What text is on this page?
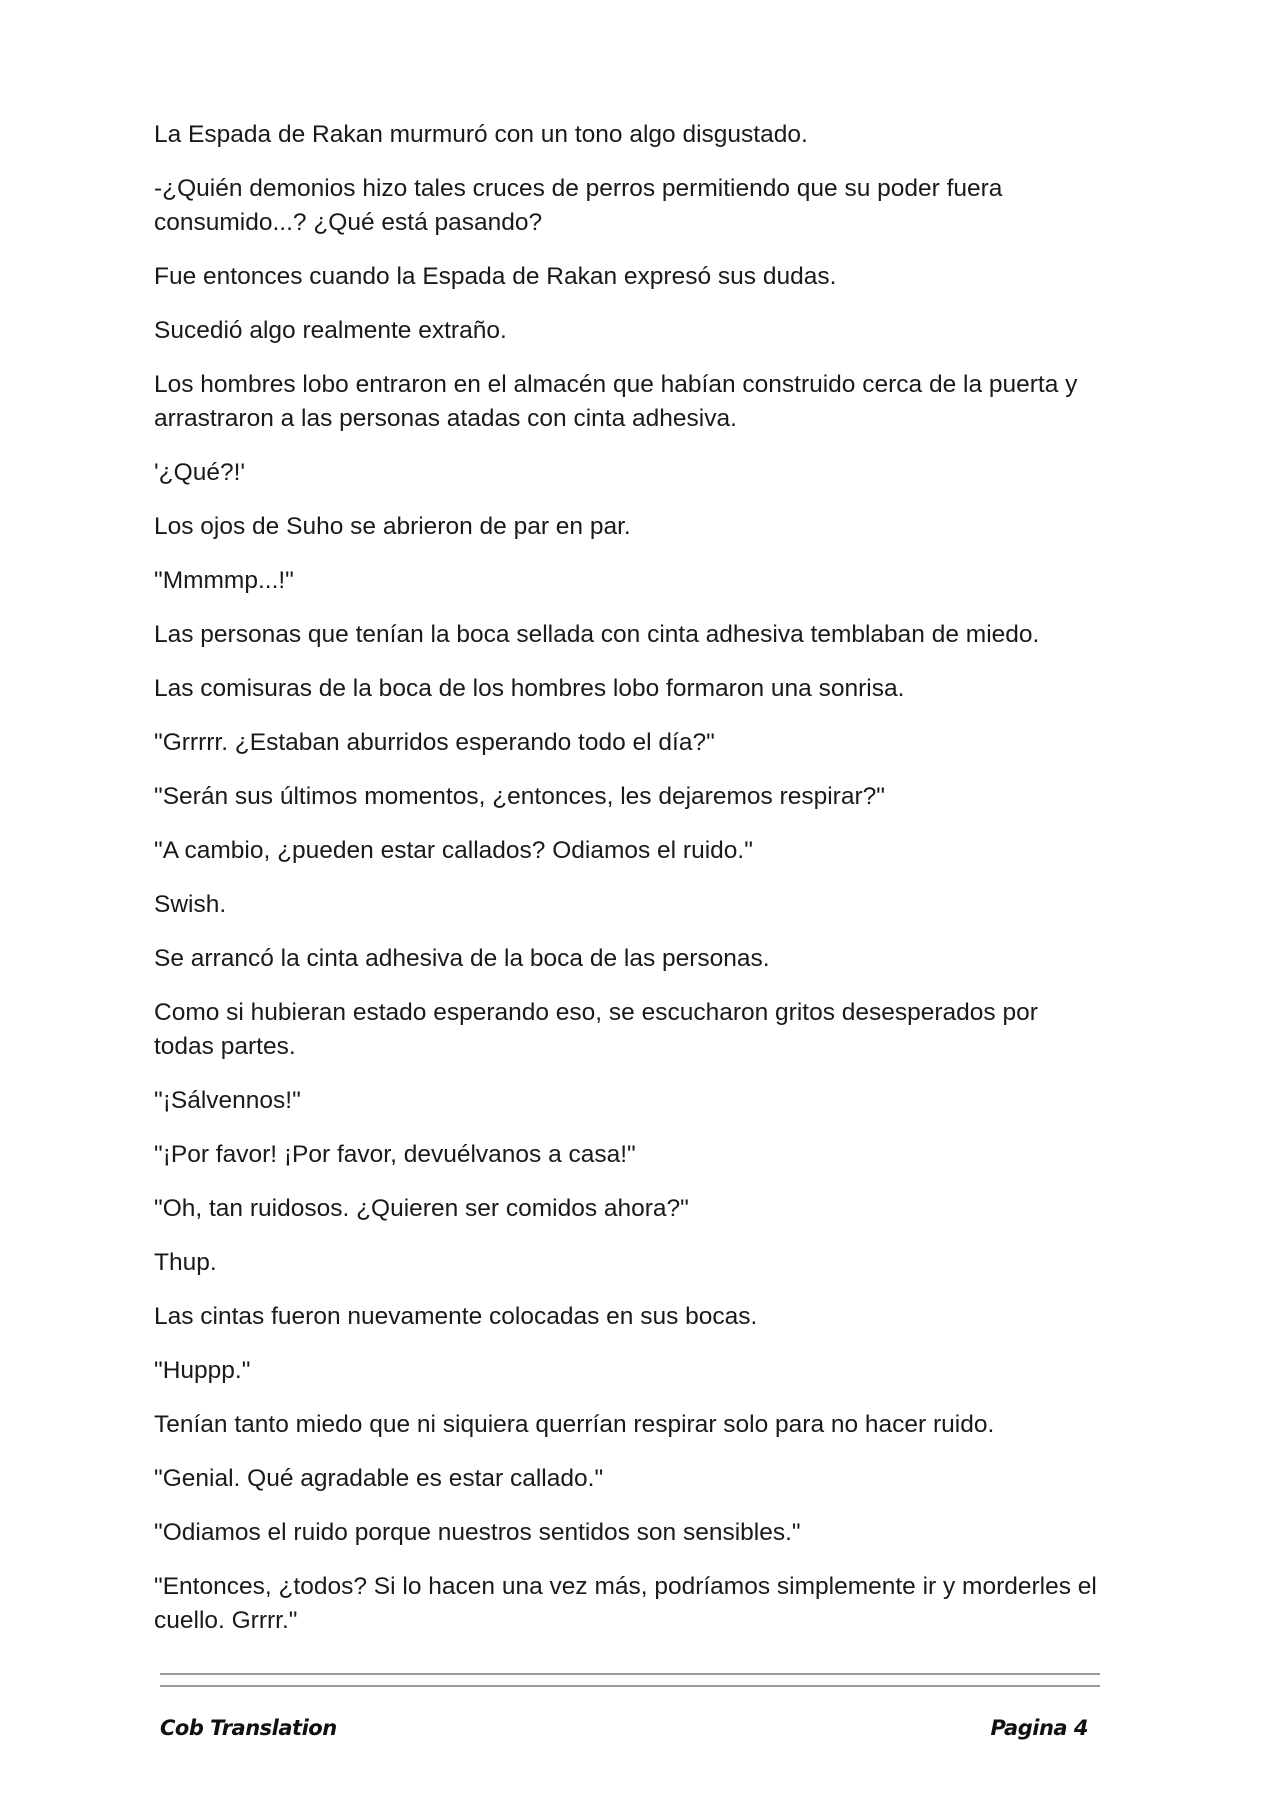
La Espada de Rakan murmuró con un tono algo disgustado.

-¿Quién demonios hizo tales cruces de perros permitiendo que su poder fuera consumido...? ¿Qué está pasando?

Fue entonces cuando la Espada de Rakan expresó sus dudas.

Sucedió algo realmente extraño.

Los hombres lobo entraron en el almacén que habían construido cerca de la puerta y arrastraron a las personas atadas con cinta adhesiva.

'¿Qué?!'

Los ojos de Suho se abrieron de par en par.

"Mmmmp...!"

Las personas que tenían la boca sellada con cinta adhesiva temblaban de miedo.

Las comisuras de la boca de los hombres lobo formaron una sonrisa.

"Grrrrr. ¿Estaban aburridos esperando todo el día?"

"Serán sus últimos momentos, ¿entonces, les dejaremos respirar?"

"A cambio, ¿pueden estar callados? Odiamos el ruido."

Swish.

Se arrancó la cinta adhesiva de la boca de las personas.

Como si hubieran estado esperando eso, se escucharon gritos desesperados por todas partes.

"¡Sálvennos!"

"¡Por favor! ¡Por favor, devuélvanos a casa!"

"Oh, tan ruidosos. ¿Quieren ser comidos ahora?"

Thup.

Las cintas fueron nuevamente colocadas en sus bocas.

"Huppp."

Tenían tanto miedo que ni siquiera querrían respirar solo para no hacer ruido.

"Genial. Qué agradable es estar callado."

"Odiamos el ruido porque nuestros sentidos son sensibles."

"Entonces, ¿todos? Si lo hacen una vez más, podríamos simplemente ir y morderles el cuello. Grrrr."

Cob Translation	Pagina 4
